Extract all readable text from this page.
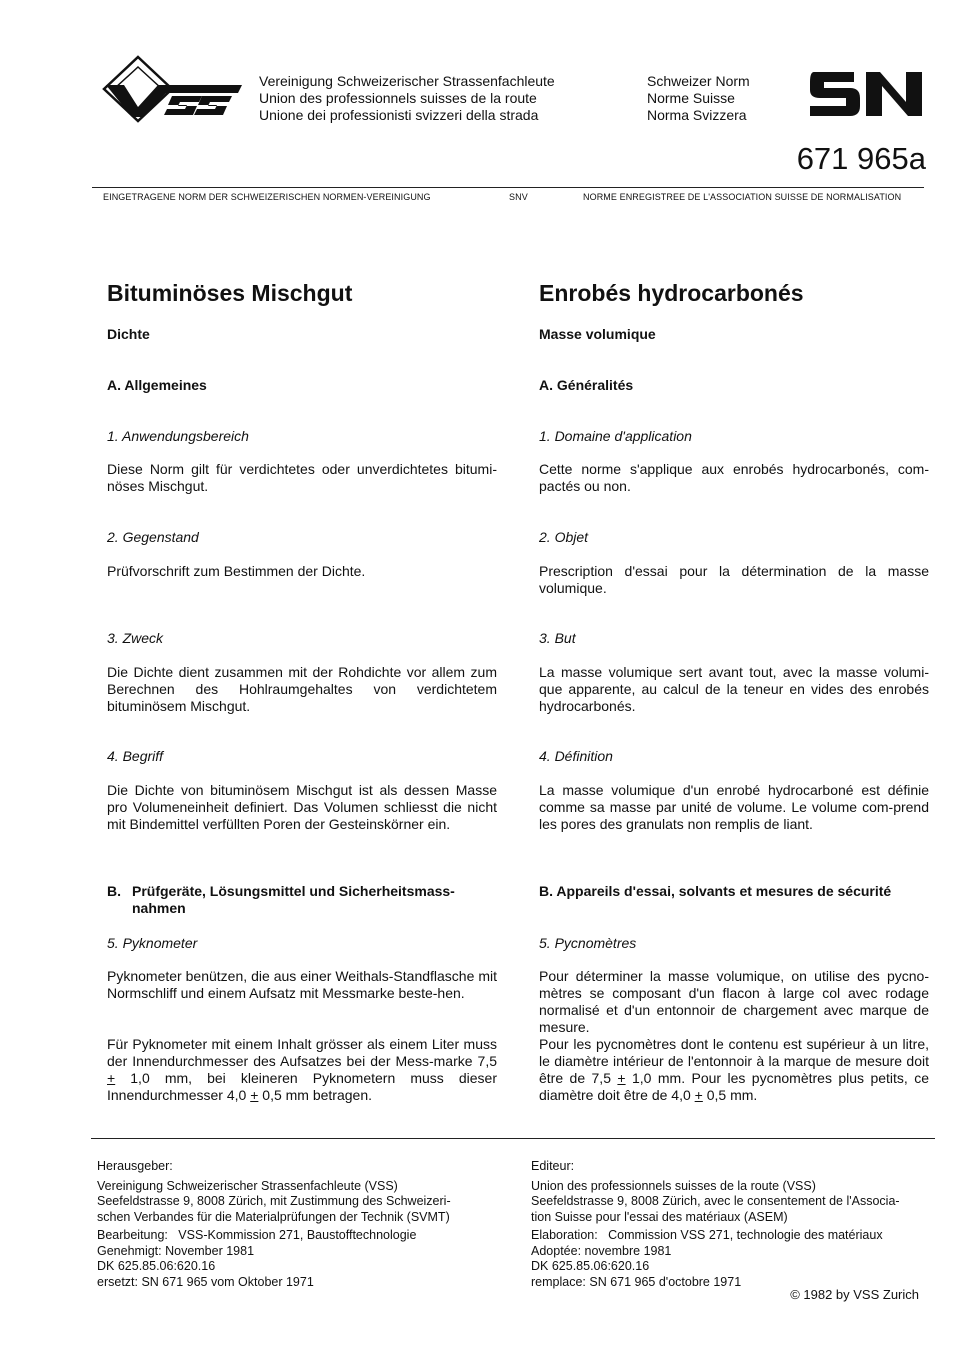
Vereinigung Schweizerischer Strassenfachleute
Union des professionnels suisses de la route
Unione dei professionisti svizzeri della strada
Schweizer Norm
Norme Suisse
Norma Svizzera
671 965a
EINGETRAGENE NORM DER SCHWEIZERISCHEN NORMEN-VEREINIGUNG	SNV	NORME ENREGISTREE DE L'ASSOCIATION SUISSE DE NORMALISATION
Bituminöses Mischgut
Dichte
A. Allgemeines
1. Anwendungsbereich

Diese Norm gilt für verdichtetes oder unverdichtetes bitumi-nöses Mischgut.

2. Gegenstand

Prüfvorschrift zum Bestimmen der Dichte.

3. Zweck

Die Dichte dient zusammen mit der Rohdichte vor allem zum Berechnen des Hohlraumgehaltes von verdichtetem bituminösem Mischgut.

4. Begriff

Die Dichte von bituminösem Mischgut ist als dessen Masse pro Volumeneinheit definiert. Das Volumen schliesst die nicht mit Bindemittel verfüllten Poren der Gesteinskörner ein.

B. Prüfgeräte, Lösungsmittel und Sicherheitsmass-nahmen
5. Pyknometer

Pyknometer benützen, die aus einer Weithals-Standflasche mit Normschliff und einem Aufsatz mit Messmarke beste-hen.

Für Pyknometer mit einem Inhalt grösser als einem Liter muss der Innendurchmesser des Aufsatzes bei der Mess-marke 7,5 + 1,0 mm, bei kleineren Pyknometern muss dieser Innendurchmesser 4,0 + 0,5 mm betragen.

Enrobés hydrocarbonés
Masse volumique
A. Généralités
1. Domaine d'application

Cette norme s'applique aux enrobés hydrocarbonés, com-pactés ou non.

2. Objet

Prescription d'essai pour la détermination de la masse volumique.

3. But

La masse volumique sert avant tout, avec la masse volumi-que apparente, au calcul de la teneur en vides des enrobés hydrocarbonés.

4. Définition

La masse volumique d'un enrobé hydrocarboné est définie comme sa masse par unité de volume. Le volume com-prend les pores des granulats non remplis de liant.

B. Appareils d'essai, solvants et mesures de sécurité
5. Pycnomètres

Pour déterminer la masse volumique, on utilise des pycno-mètres se composant d'un flacon à large col avec rodage normalisé et d'un entonnoir de chargement avec marque de mesure.

Pour les pycnomètres dont le contenu est supérieur à un litre, le diamètre intérieur de l'entonnoir à la marque de mesure doit être de 7,5 + 1,0 mm. Pour les pycnomètres plus petits, ce diamètre doit être de 4,0 + 0,5 mm.

Herausgeber:
Vereinigung Schweizerischer Strassenfachleute (VSS)
Seefeldstrasse 9, 8008 Zürich, mit Zustimmung des Schweizeri-
schen Verbandes für die Materialprüfungen der Technik (SVMT)
Bearbeitung:   VSS-Kommission 271, Baustofftechnologie
Genehmigt: November 1981
DK 625.85.06:620.16
ersetzt: SN 671 965 vom Oktober 1971
Editeur:
Union des professionnels suisses de la route (VSS)
Seefeldstrasse 9, 8008 Zürich, avec le consentement de l'Associa-
tion Suisse pour l'essai des matériaux (ASEM)
Elaboration:   Commission VSS 271, technologie des matériaux
Adoptée: novembre 1981
DK 625.85.06:620.16
remplace: SN 671 965 d'octobre 1971
© 1982 by VSS Zurich
